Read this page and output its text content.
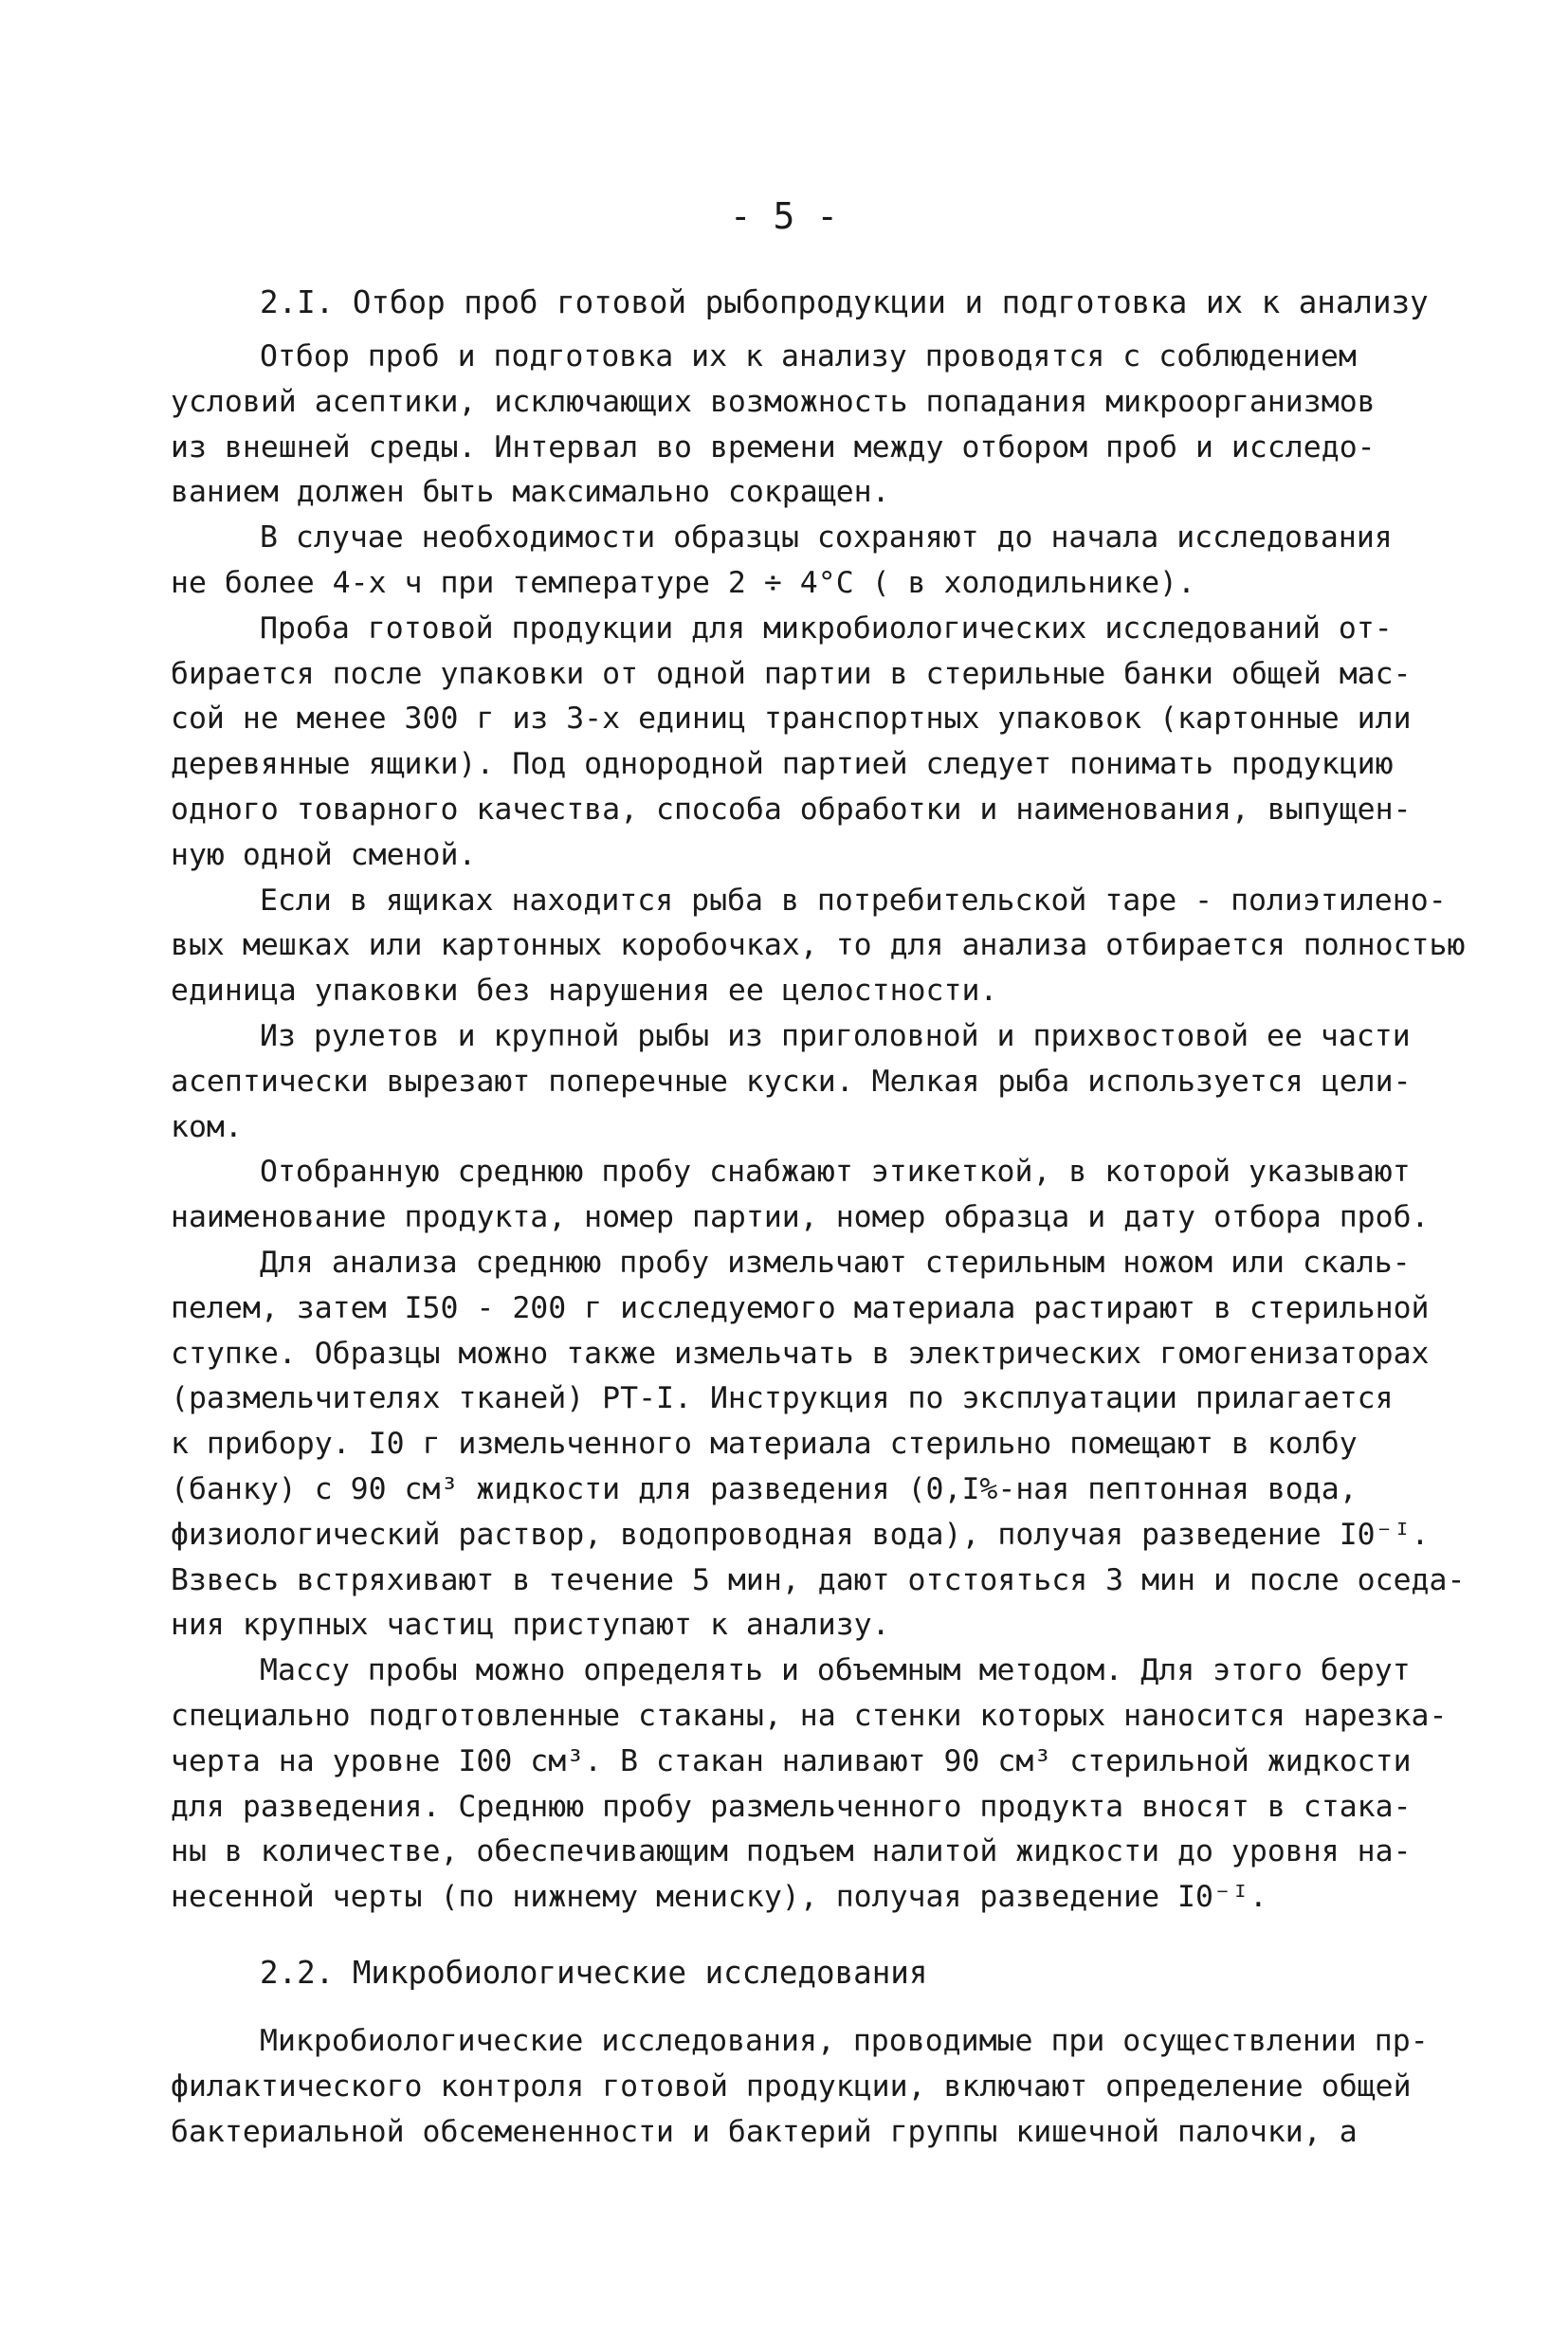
- 5 -
2.I. Отбор проб готовой рыбопродукции и подготовка их к анализу
Отбор проб и подготовка их к анализу проводятся с соблюдением
условий асептики, исключающих возможность попадания микроорганизмов
из внешней среды. Интервал во времени между отбором проб и исследо-
ванием должен быть максимально сокращен.
В случае необходимости образцы сохраняют до начала исследования
не более 4-х ч при температуре 2 ÷ 4°С ( в холодильнике).
Проба готовой продукции для микробиологических исследований от-
бирается после упаковки от одной партии в стерильные банки общей мас-
сой не менее 300 г из 3-х единиц транспортных упаковок (картонные или
деревянные ящики). Под однородной партией следует понимать продукцию
одного товарного качества, способа обработки и наименования, выпущен-
ную одной сменой.
Если в ящиках находится рыба в потребительской таре - полиэтилено-
вых мешках или картонных коробочках, то для анализа отбирается полностью
единица упаковки без нарушения ее целостности.
Из рулетов и крупной рыбы из приголовной и прихвостовой ее части
асептически вырезают поперечные куски. Мелкая рыба используется цели-
ком.
Отобранную среднюю пробу снабжают этикеткой, в которой указывают
наименование продукта, номер партии, номер образца и дату отбора проб.
Для анализа среднюю пробу измельчают стерильным ножом или скаль-
пелем, затем I50 - 200 г исследуемого материала растирают в стерильной
ступке. Образцы можно также измельчать в электрических гомогенизаторах
(размельчителях тканей) РТ-I. Инструкция по эксплуатации прилагается
к прибору. I0 г измельченного материала стерильно помещают в колбу
(банку) с 90 см³ жидкости для разведения (0,I%-ная пептонная вода,
физиологический раствор, водопроводная вода), получая разведение I0⁻ᴵ.
Взвесь встряхивают в течение 5 мин, дают отстояться 3 мин и после оседа-
ния крупных частиц приступают к анализу.
Массу пробы можно определять и объемным методом. Для этого берут
специально подготовленные стаканы, на стенки которых наносится нарезка-
черта на уровне I00 см³. В стакан наливают 90 см³ стерильной жидкости
для разведения. Среднюю пробу размельченного продукта вносят в стака-
ны в количестве, обеспечивающим подъем налитой жидкости до уровня на-
несенной черты (по нижнему мениску), получая разведение I0⁻ᴵ.
2.2. Микробиологические исследования
Микробиологические исследования, проводимые при осуществлении пр-
филактического контроля готовой продукции, включают определение общей
бактериальной обсемененности и бактерий группы кишечной палочки, а
